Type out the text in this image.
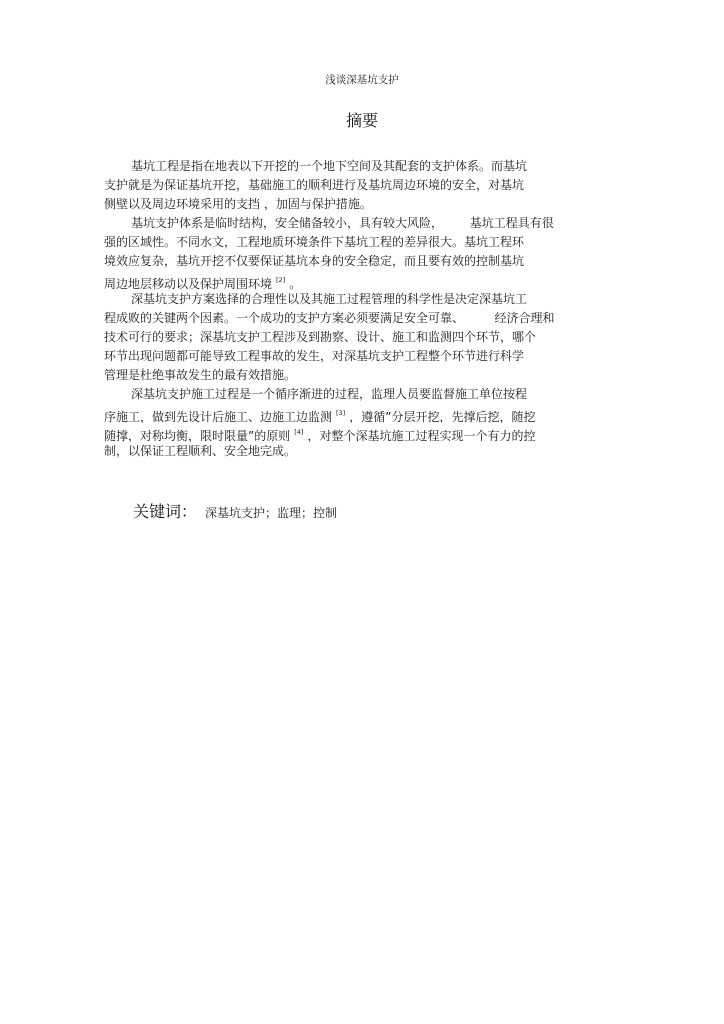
浅谈深基坑支护
摘要
基坑工程是指在地表以下开挖的一个地下空间及其配套的支护体系。而基坑
支护就是为保证基坑开挖，基础施工的顺利进行及基坑周边环境的安全，对基坑
侧壁以及周边环境采用的支挡 ，加固与保护措施。
基坑支护体系是临时结构，安全储备较小，具有较大风险，       基坑工程具有很
强的区域性。不同水文，工程地质环境条件下基坑工程的差异很大。基坑工程环
境效应复杂，基坑开挖不仅要保证基坑本身的安全稳定，而且要有效的控制基坑
周边地层移动以及保护周围环境 [2] 。
深基坑支护方案选择的合理性以及其施工过程管理的科学性是决定深基坑工
程成败的关键两个因素。一个成功的支护方案必须要满足安全可靠、        经济合理和
技术可行的要求；深基坑支护工程涉及到勘察、设计、施工和监测四个环节，哪个
环节出现问题都可能导致工程事故的发生，对深基坑支护工程整个环节进行科学
管理是杜绝事故发生的最有效措施。
深基坑支护施工过程是一个循序渐进的过程，监理人员要监督施工单位按程
序施工，做到先设计后施工、边施工边监测 [3] ，遵循”分层开挖，先撑后挖，随挖
随撑，对称均衡，限时限量”的原则 [4] ，对整个深基坑施工过程实现一个有力的控
制，以保证工程顺利、安全地完成。
关键词： 深基坑支护；监理；控制
